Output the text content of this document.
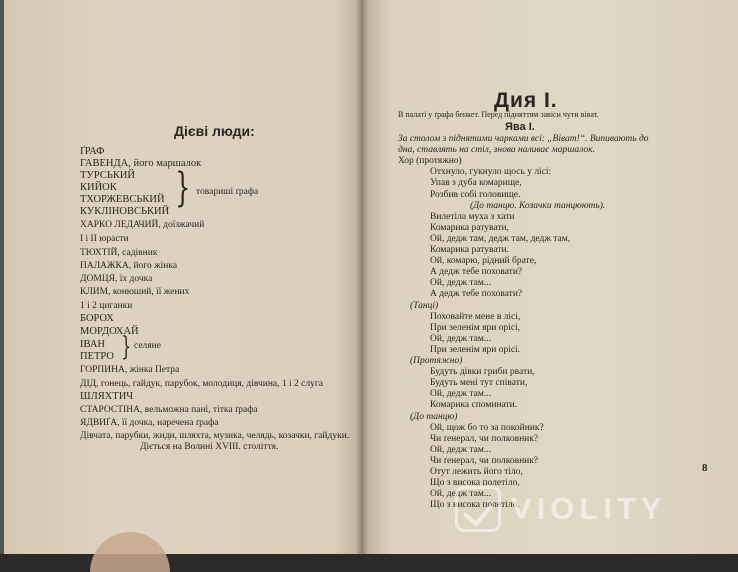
Дієві люди:
ҐРАФ
ГАВЕНДА, його маршалок
ТУРСЬКИЙ
КИЙОК
ТХОРЖЕВСЬКИЙ
КУКЛІНОВСЬКИЙ
ХАРКО ЛЕДАЧИЙ, доїзжачий
I і II юрасти
ТЮХТІЙ, садівник
ПАЛАЖКА, його жінка
ДОМЦЯ, їх дочка
КЛИМ, конюший, її жених
1 і 2 циганки
БОРОХ
МОРДОХАЙ
ІВАН
ПЕТРО
ГОРПИНА, жінка Петра
ДІД, гонець, гайдук, парубок, молодиця, дівчина, 1 і 2 слуга
ШЛЯХТИЧ
СТАРОСТІНА, вельможна пані, тітка ґрафа
ЯДВИҐА, її дочка, наречена ґрафа
Дівчата, парубки, жиди, шляхта, музика, челядь, козачки, гайдуки.
} товариші ґрафа
} селяне
Діється на Волині XVIII. століття.
Дия I.
В палаті у ґрафа бенкет. Перед підняттям завіси чути віват.
Ява I.
За столом з піднятими чарками всі: „Віват!“. Випивають до
дна, ставлять на стіл, знова наливає маршалок.
Хор (протяжно)
Отхнуло, гукнуло щось у лісі:
Упав з дуба комарище,
Розбив собі головище.
(До танцю. Козачки танцюють).
Вилетіла муха з хати
Комарика ратувати,
Ой, дедж там, дедж там, дедж там,
Комарика ратувати.
Ой, комарю, рідний брате,
А дедж тебе поховати?
Ой, дедж там...
А дедж тебе поховати?
(Танці)
Поховайте мене в лісі,
При зеленім яри орісі,
Ой, дедж там...
При зеленім яри орісі.
(Протяжно)
Будуть дівки гриби рвати,
Будуть мені тут співати,
Ой, дедж там...
Комарика споминати.
(До танцю)
Ой, щож бо то за покойник?
Чи ґенерал, чи полковник?
Ой, дедж там...
Чи ґенерал, чи полковник?
Отут лежить його тіло,
Що з висока полетіло,
Ой, дедж там...
Що з висока полетіло.
8
VIOLITY
